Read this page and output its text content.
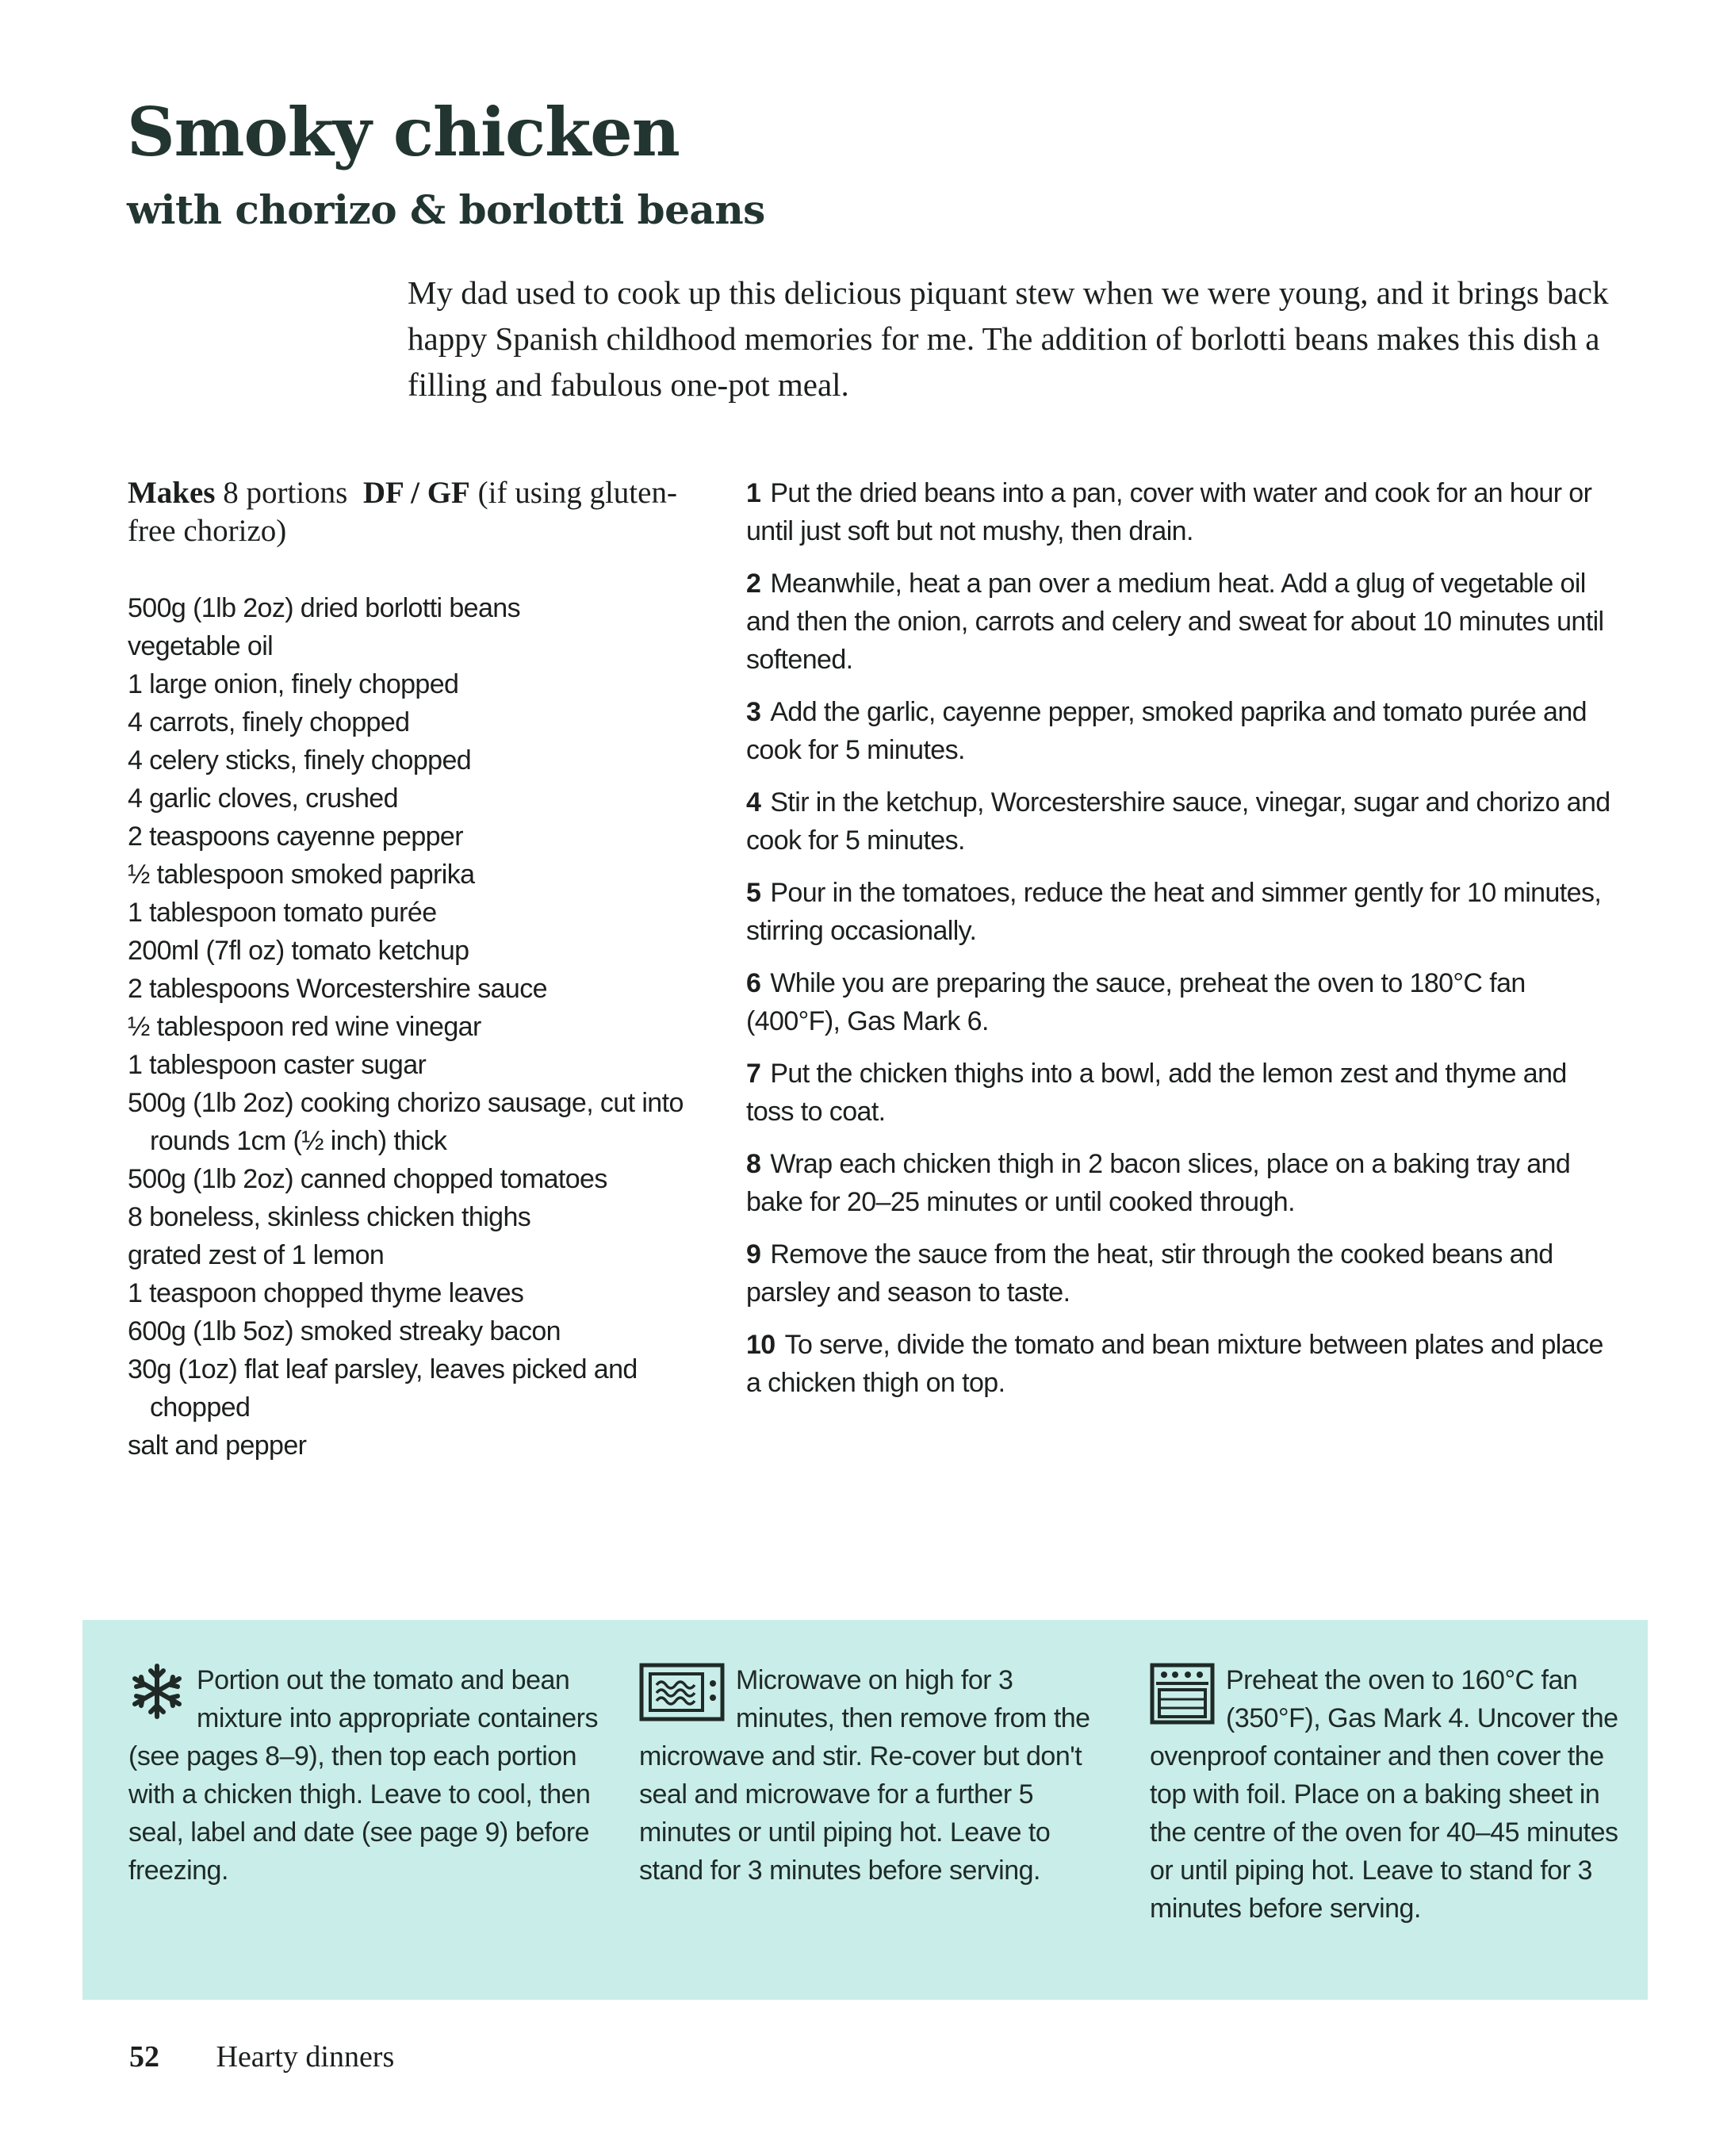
Smoky chicken
with chorizo & borlotti beans

My dad used to cook up this delicious piquant stew when we were young, and it brings back happy Spanish childhood memories for me. The addition of borlotti beans makes this dish a filling and fabulous one-pot meal.

Makes 8 portions DF / GF (if using gluten-free chorizo)

500g (1lb 2oz) dried borlotti beans
vegetable oil
1 large onion, finely chopped
4 carrots, finely chopped
4 celery sticks, finely chopped
4 garlic cloves, crushed
2 teaspoons cayenne pepper
½ tablespoon smoked paprika
1 tablespoon tomato purée
200ml (7fl oz) tomato ketchup
2 tablespoons Worcestershire sauce
½ tablespoon red wine vinegar
1 tablespoon caster sugar
500g (1lb 2oz) cooking chorizo sausage, cut into rounds 1cm (½ inch) thick
500g (1lb 2oz) canned chopped tomatoes
8 boneless, skinless chicken thighs
grated zest of 1 lemon
1 teaspoon chopped thyme leaves
600g (1lb 5oz) smoked streaky bacon
30g (1oz) flat leaf parsley, leaves picked and chopped
salt and pepper
1 Put the dried beans into a pan, cover with water and cook for an hour or until just soft but not mushy, then drain.
2 Meanwhile, heat a pan over a medium heat. Add a glug of vegetable oil and then the onion, carrots and celery and sweat for about 10 minutes until softened.
3 Add the garlic, cayenne pepper, smoked paprika and tomato purée and cook for 5 minutes.
4 Stir in the ketchup, Worcestershire sauce, vinegar, sugar and chorizo and cook for 5 minutes.
5 Pour in the tomatoes, reduce the heat and simmer gently for 10 minutes, stirring occasionally.
6 While you are preparing the sauce, preheat the oven to 180°C fan (400°F), Gas Mark 6.
7 Put the chicken thighs into a bowl, add the lemon zest and thyme and toss to coat.
8 Wrap each chicken thigh in 2 bacon slices, place on a baking tray and bake for 20–25 minutes or until cooked through.
9 Remove the sauce from the heat, stir through the cooked beans and parsley and season to taste.
10 To serve, divide the tomato and bean mixture between plates and place a chicken thigh on top.
Portion out the tomato and bean mixture into appropriate containers (see pages 8–9), then top each portion with a chicken thigh. Leave to cool, then seal, label and date (see page 9) before freezing.
Microwave on high for 3 minutes, then remove from the microwave and stir. Re-cover but don't seal and microwave for a further 5 minutes or until piping hot. Leave to stand for 3 minutes before serving.
Preheat the oven to 160°C fan (350°F), Gas Mark 4. Uncover the ovenproof container and then cover the top with foil. Place on a baking sheet in the centre of the oven for 40–45 minutes or until piping hot. Leave to stand for 3 minutes before serving.
52 Hearty dinners
